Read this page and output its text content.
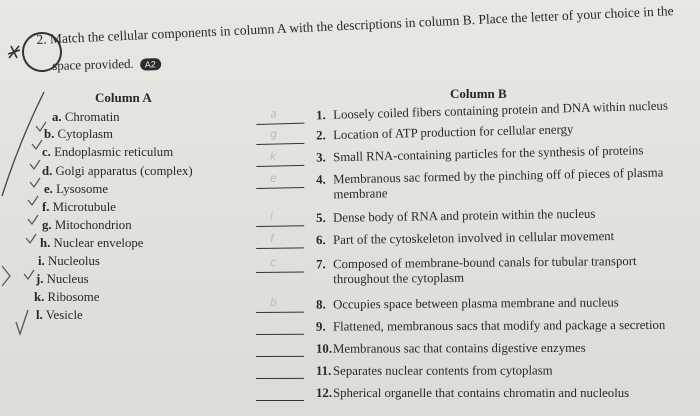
2. Match the cellular components in column A with the descriptions in column B. Place the letter of your choice in the
space provided. A2
Column A	Column B
a. Chromatin
b. Cytoplasm
c. Endoplasmic reticulum
d. Golgi apparatus (complex)
e. Lysosome
f. Microtubule
g. Mitochondrion
h. Nuclear envelope
i. Nucleolus
j. Nucleus
k. Ribosome
l. Vesicle
a	1. Loosely coiled fibers containing protein and DNA within nucleus
g	2. Location of ATP production for cellular energy
k	3. Small RNA-containing particles for the synthesis of proteins
e	4. Membranous sac formed by the pinching off of pieces of plasma
membrane
i	5. Dense body of RNA and protein within the nucleus
f	6. Part of the cytoskeleton involved in cellular movement
c	7. Composed of membrane-bound canals for tubular transport
throughout the cytoplasm
b	8. Occupies space between plasma membrane and nucleus
9. Flattened, membranous sacs that modify and package a secretion
10. Membranous sac that contains digestive enzymes
11. Separates nuclear contents from cytoplasm
12. Spherical organelle that contains chromatin and nucleolus
